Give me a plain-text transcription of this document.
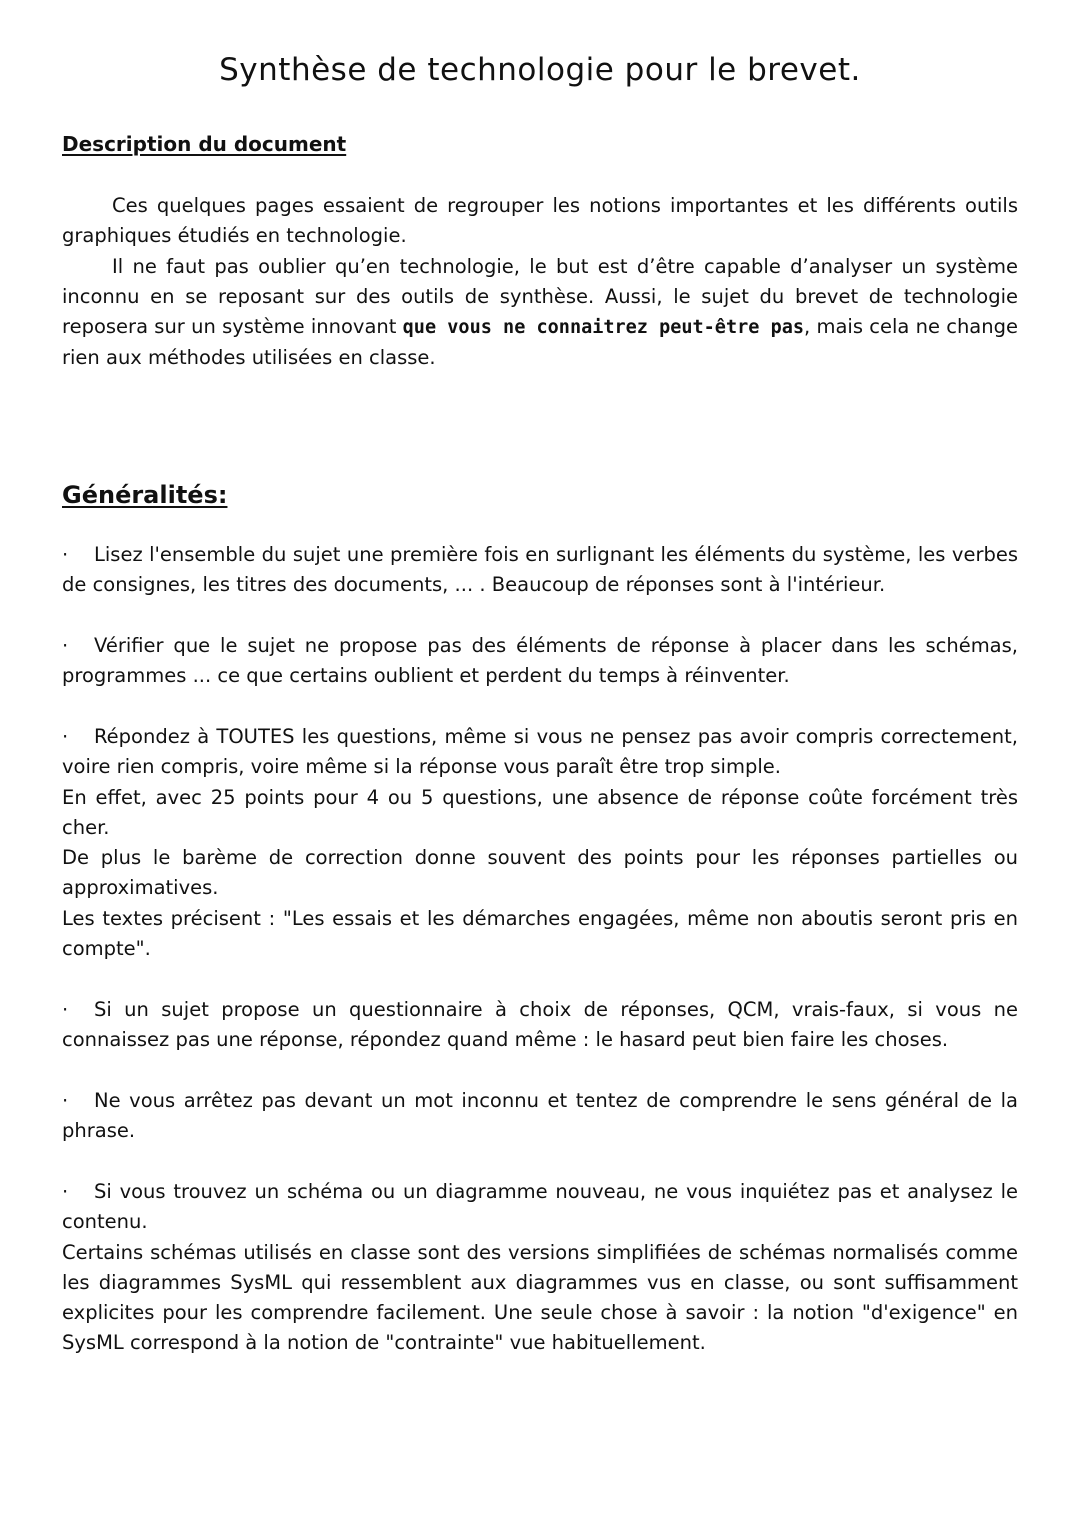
Synthèse de technologie pour le brevet.
Description du document

Ces quelques pages essaient de regrouper les notions importantes et les différents outils graphiques étudiés en technologie.

Il ne faut pas oublier qu’en technologie, le but est d’être capable d’analyser un système inconnu en se reposant sur des outils de synthèse. Aussi, le sujet du brevet de technologie reposera sur un système innovant que vous ne connaitrez peut-être pas, mais cela ne change rien aux méthodes utilisées en classe.

Généralités:

· Lisez l'ensemble du sujet une première fois en surlignant les éléments du système, les verbes de consignes, les titres des documents, ... . Beaucoup de réponses sont à l'intérieur.

· Vérifier que le sujet ne propose pas des éléments de réponse à placer dans les schémas, programmes ... ce que certains oublient et perdent du temps à réinventer.

· Répondez à TOUTES les questions, même si vous ne pensez pas avoir compris correctement, voire rien compris, voire même si la réponse vous paraît être trop simple.

En effet, avec 25 points pour 4 ou 5 questions, une absence de réponse coûte forcément très cher.

De plus le barème de correction donne souvent des points pour les réponses partielles ou approximatives.

Les textes précisent : "Les essais et les démarches engagées, même non aboutis seront pris en compte".

· Si un sujet propose un questionnaire à choix de réponses, QCM, vrais-faux, si vous ne connaissez pas une réponse, répondez quand même : le hasard peut bien faire les choses.

· Ne vous arrêtez pas devant un mot inconnu et tentez de comprendre le sens général de la phrase.

· Si vous trouvez un schéma ou un diagramme nouveau, ne vous inquiétez pas et analysez le contenu.

Certains schémas utilisés en classe sont des versions simplifiées de schémas normalisés comme les diagrammes SysML qui ressemblent aux diagrammes vus en classe, ou sont suffisamment explicites pour les comprendre facilement. Une seule chose à savoir : la notion "d'exigence" en SysML correspond à la notion de "contrainte" vue habituellement.
